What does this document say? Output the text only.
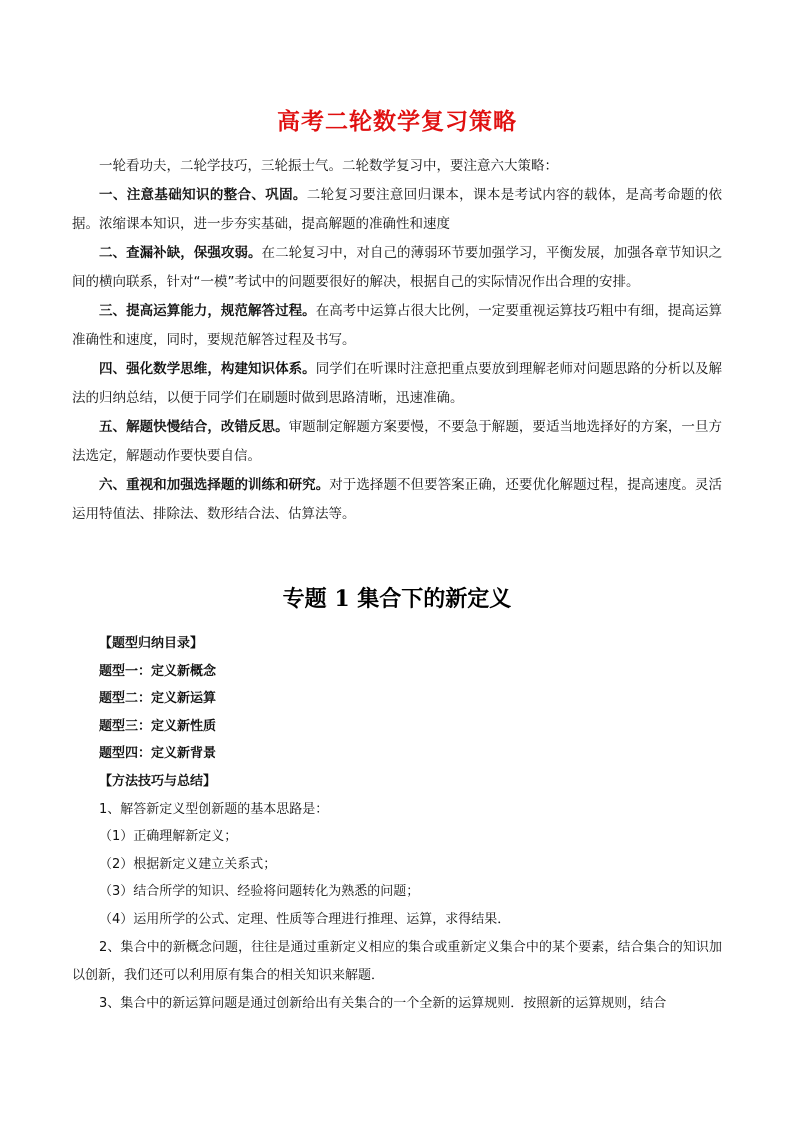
高考二轮数学复习策略

一轮看功夫，二轮学技巧，三轮振士气。二轮数学复习中，要注意六大策略：

一、注意基础知识的整合、巩固。二轮复习要注意回归课本，课本是考试内容的载体，是高考命题的依据。浓缩课本知识，进一步夯实基础，提高解题的准确性和速度

二、查漏补缺，保强攻弱。在二轮复习中，对自己的薄弱环节要加强学习，平衡发展，加强各章节知识之间的横向联系，针对“一模”考试中的问题要很好的解决，根据自己的实际情况作出合理的安排。

三、提高运算能力，规范解答过程。在高考中运算占很大比例，一定要重视运算技巧粗中有细，提高运算准确性和速度，同时，要规范解答过程及书写。

四、强化数学思维，构建知识体系。同学们在听课时注意把重点要放到理解老师对问题思路的分析以及解法的归纳总结，以便于同学们在刷题时做到思路清晰，迅速准确。

五、解题快慢结合，改错反思。审题制定解题方案要慢，不要急于解题，要适当地选择好的方案，一旦方法选定，解题动作要快要自信。

六、重视和加强选择题的训练和研究。对于选择题不但要答案正确，还要优化解题过程，提高速度。灵活运用特值法、排除法、数形结合法、估算法等。

专题 1 集合下的新定义

【题型归纳目录】

题型一：定义新概念

题型二：定义新运算

题型三：定义新性质

题型四：定义新背景

【方法技巧与总结】

1、解答新定义型创新题的基本思路是：

（1）正确理解新定义；

（2）根据新定义建立关系式；

（3）结合所学的知识、经验将问题转化为熟悉的问题；

（4）运用所学的公式、定理、性质等合理进行推理、运算，求得结果．

2、集合中的新概念问题，往往是通过重新定义相应的集合或重新定义集合中的某个要素，结合集合的知识加以创新，我们还可以利用原有集合的相关知识来解题．

3、集合中的新运算问题是通过创新给出有关集合的一个全新的运算规则．按照新的运算规则，结合
